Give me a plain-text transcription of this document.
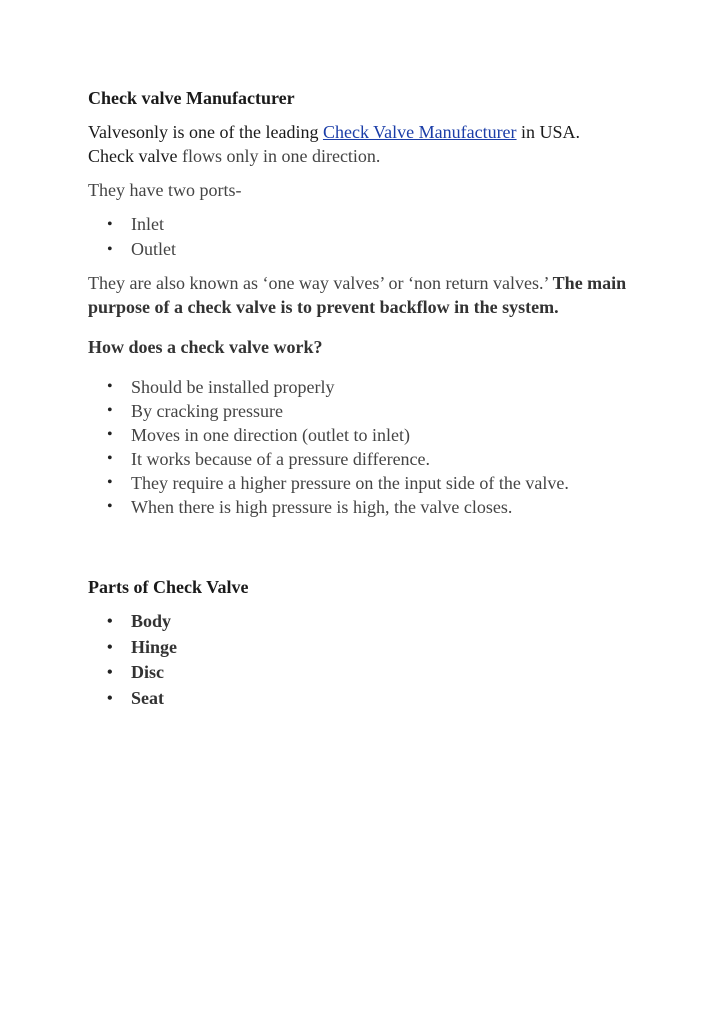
Check valve Manufacturer

Valvesonly is one of the leading Check Valve Manufacturer in USA.
Check valve flows only in one direction.

They have two ports-

• Inlet
• Outlet

They are also known as ‘one way valves’ or ‘non return valves.’ The main purpose of a check valve is to prevent backflow in the system.

How does a check valve work?
• Should be installed properly
• By cracking pressure
• Moves in one direction (outlet to inlet)
• It works because of a pressure difference.
• They require a higher pressure on the input side of the valve.
• When there is high pressure is high, the valve closes.
Parts of Check Valve
• Body
• Hinge
• Disc
• Seat
